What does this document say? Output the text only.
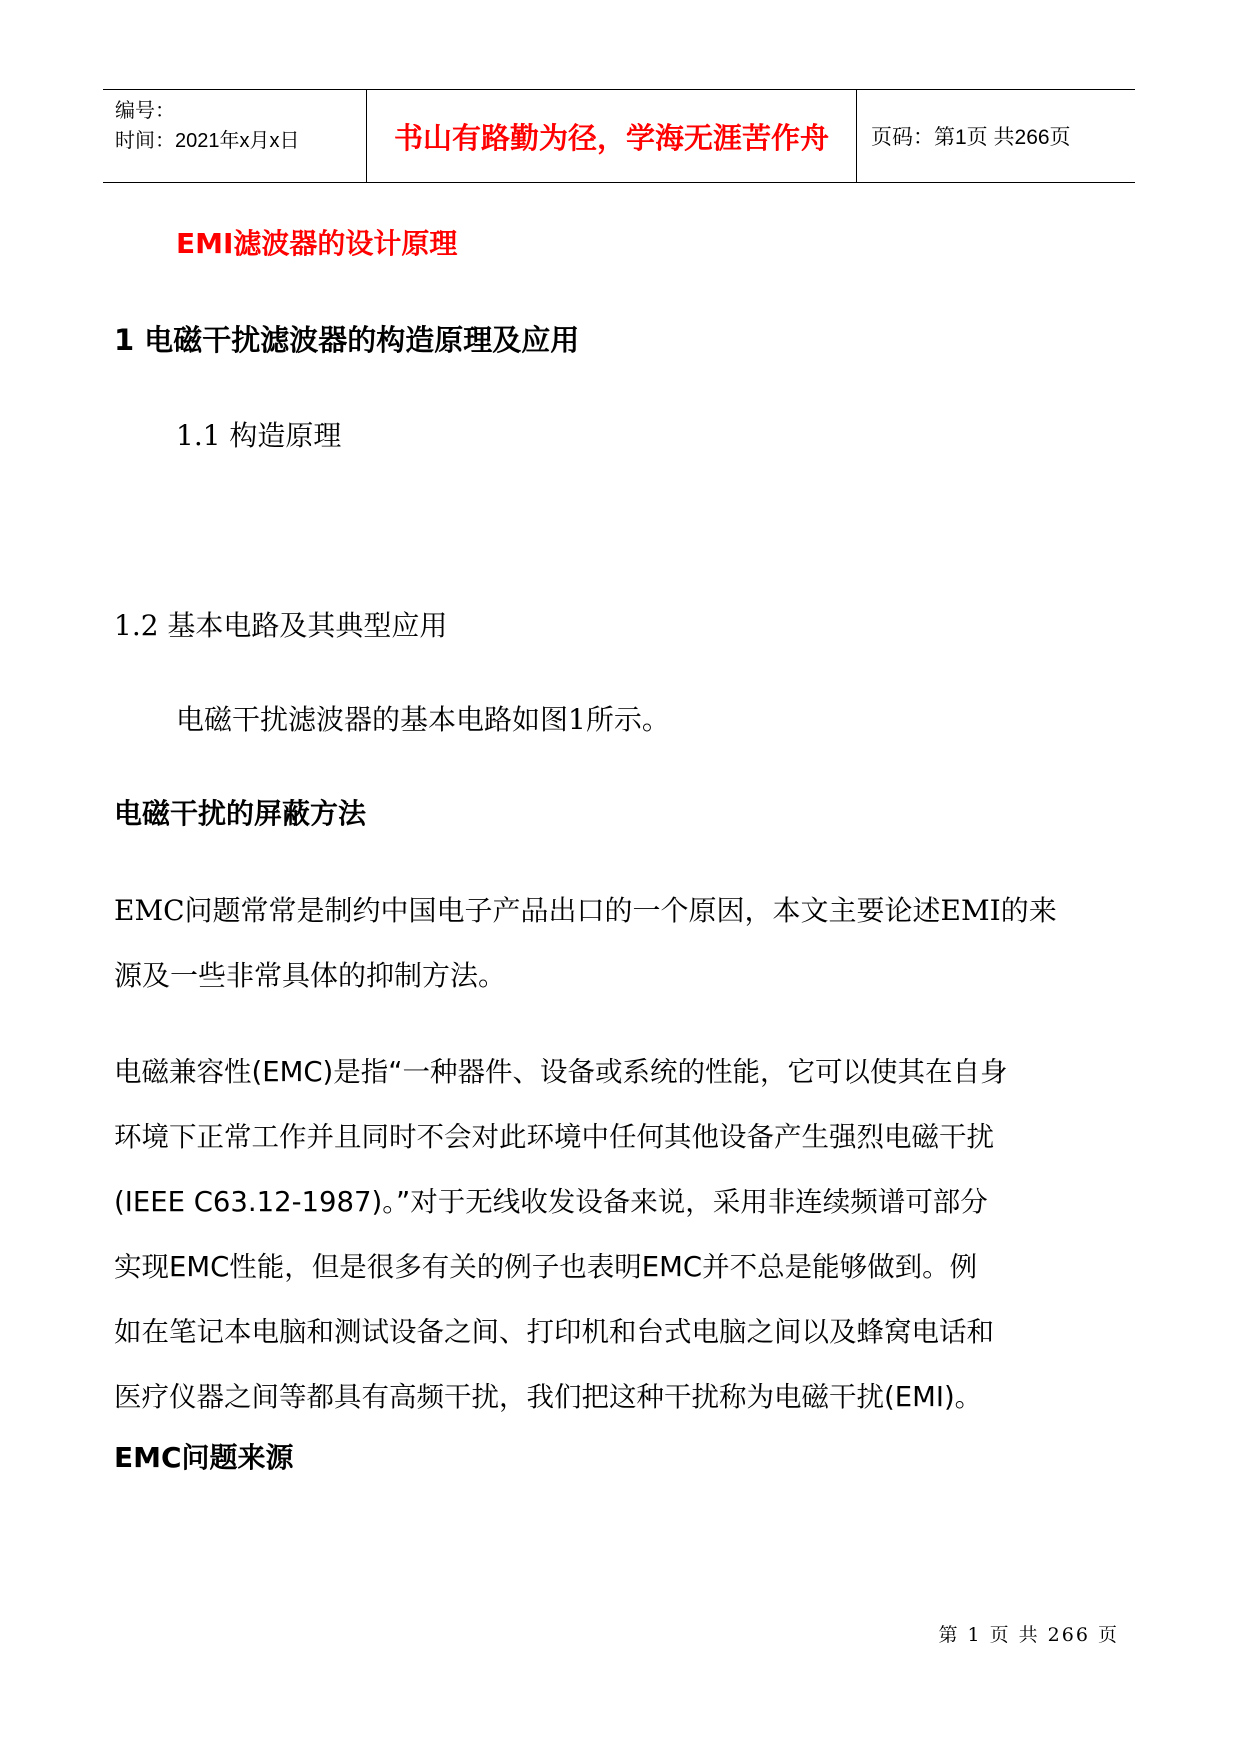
编号：
时间：2021年x月x日	书山有路勤为径，学海无涯苦作舟 页码：第1页 共266页
EMI滤波器的设计原理
1 电磁干扰滤波器的构造原理及应用
1.1 构造原理
1.2 基本电路及其典型应用
电磁干扰滤波器的基本电路如图1所示。
电磁干扰的屏蔽方法
EMC问题常常是制约中国电子产品出口的一个原因，本文主要论述EMI的来
源及一些非常具体的抑制方法。
电磁兼容性(EMC)是指“一种器件、设备或系统的性能，它可以使其在自身
环境下正常工作并且同时不会对此环境中任何其他设备产生强烈电磁干扰
(IEEE C63.12-1987)。”对于无线收发设备来说，采用非连续频谱可部分
实现EMC性能，但是很多有关的例子也表明EMC并不总是能够做到。例
如在笔记本电脑和测试设备之间、打印机和台式电脑之间以及蜂窝电话和
医疗仪器之间等都具有高频干扰，我们把这种干扰称为电磁干扰(EMI)。
EMC问题来源
第 1 页 共 266 页
